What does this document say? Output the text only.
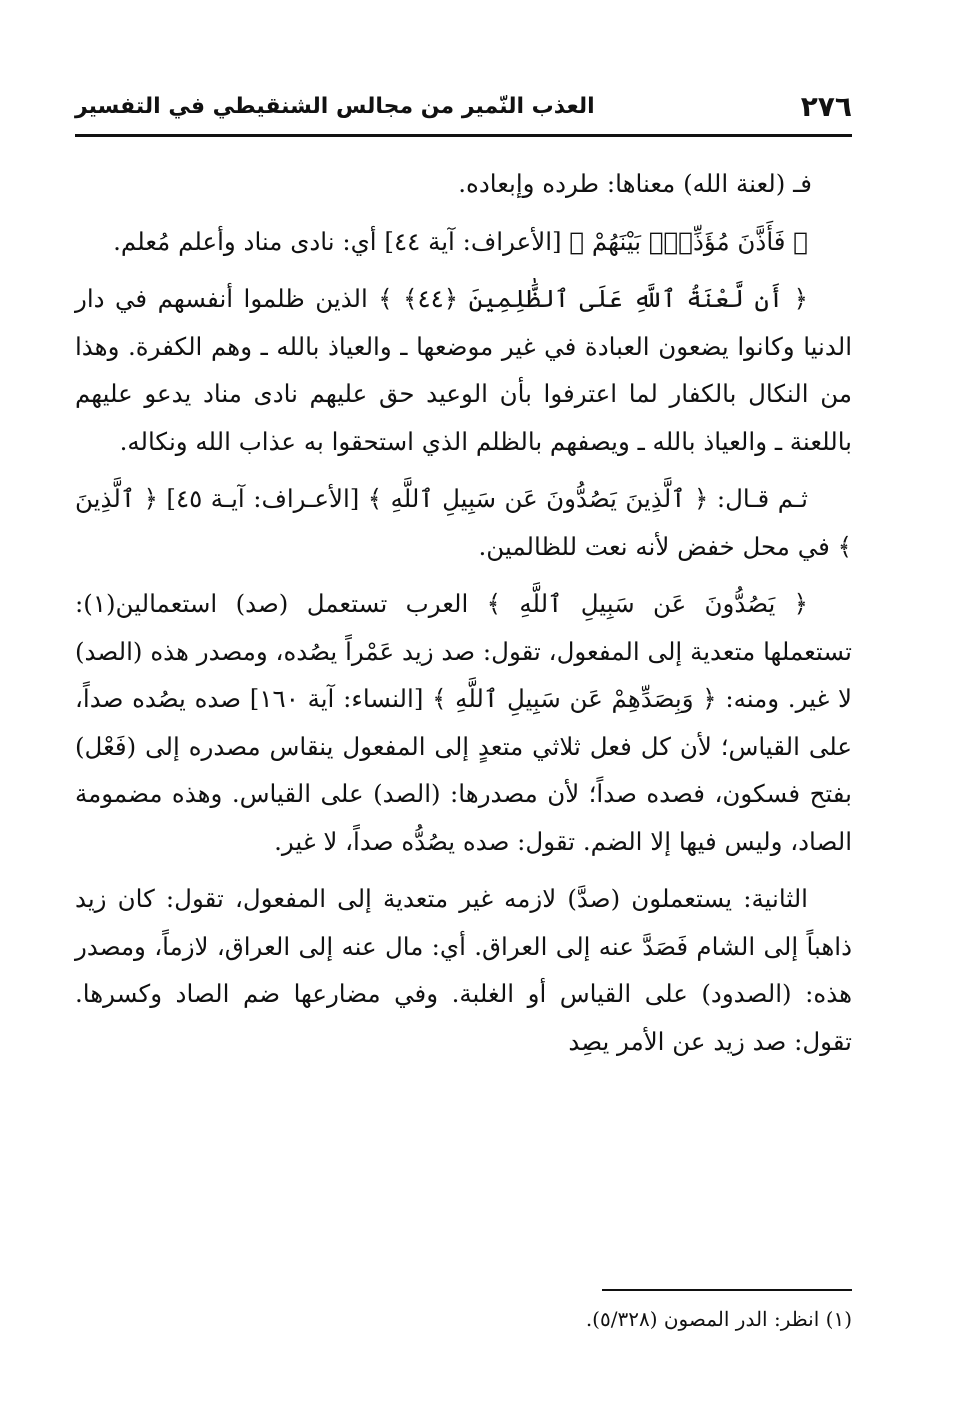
٢٧٦
العذب النّمير من مجالس الشنقيطي في التفسير

فـ (لعنة الله) معناها: طرده وإبعاده.

﴿ فَأَذَّنَ مُؤَذِّنٌۢ بَيْنَهُمْ ﴾ [الأعراف: آية ٤٤] أي: نادى مناد وأعلم مُعلم.

﴿ أَن لَّعْنَةُ ٱللَّهِ عَلَى ٱلظَّٰلِمِينَ ﴿٤٤﴾ ﴾ الذين ظلموا أنفسهم في دار الدنيا وكانوا يضعون العبادة في غير موضعها ـ والعياذ بالله ـ وهم الكفرة. وهذا من النكال بالكفار لما اعترفوا بأن الوعيد حق عليهم نادى مناد يدعو عليهم باللعنة ـ والعياذ بالله ـ ويصفهم بالظلم الذي استحقوا به عذاب الله ونكاله.

ثـم قـال: ﴿ ٱلَّذِينَ يَصُدُّونَ عَن سَبِيلِ ٱللَّهِ ﴾ [الأعـراف: آيـة ٤٥] ﴿ ٱلَّذِينَ ﴾ في محل خفض لأنه نعت للظالمين.

﴿ يَصُدُّونَ عَن سَبِيلِ ٱللَّهِ ﴾ العرب تستعمل (صد) استعمالين(١): تستعملها متعدية إلى المفعول، تقول: صد زيد عَمْراً يصُده، ومصدر هذه (الصد) لا غير. ومنه: ﴿ وَبِصَدِّهِمْ عَن سَبِيلِ ٱللَّهِ ﴾ [النساء: آية ١٦٠] صده يصُده صداً، على القياس؛ لأن كل فعل ثلاثي متعدٍ إلى المفعول ينقاس مصدره إلى (فَعْل) بفتح فسكون، فصده صداً؛ لأن مصدرها: (الصد) على القياس. وهذه مضمومة الصاد، وليس فيها إلا الضم. تقول: صده يصُدُّه صداً، لا غير.

الثانية: يستعملون (صدَّ) لازمه غير متعدية إلى المفعول، تقول: كان زيد ذاهباً إلى الشام فَصَدَّ عنه إلى العراق. أي: مال عنه إلى العراق، لازماً، ومصدر هذه: (الصدود) على القياس أو الغلبة. وفي مضارعها ضم الصاد وكسرها. تقول: صد زيد عن الأمر يصِد

(١) انظر: الدر المصون (٥/٣٢٨).
